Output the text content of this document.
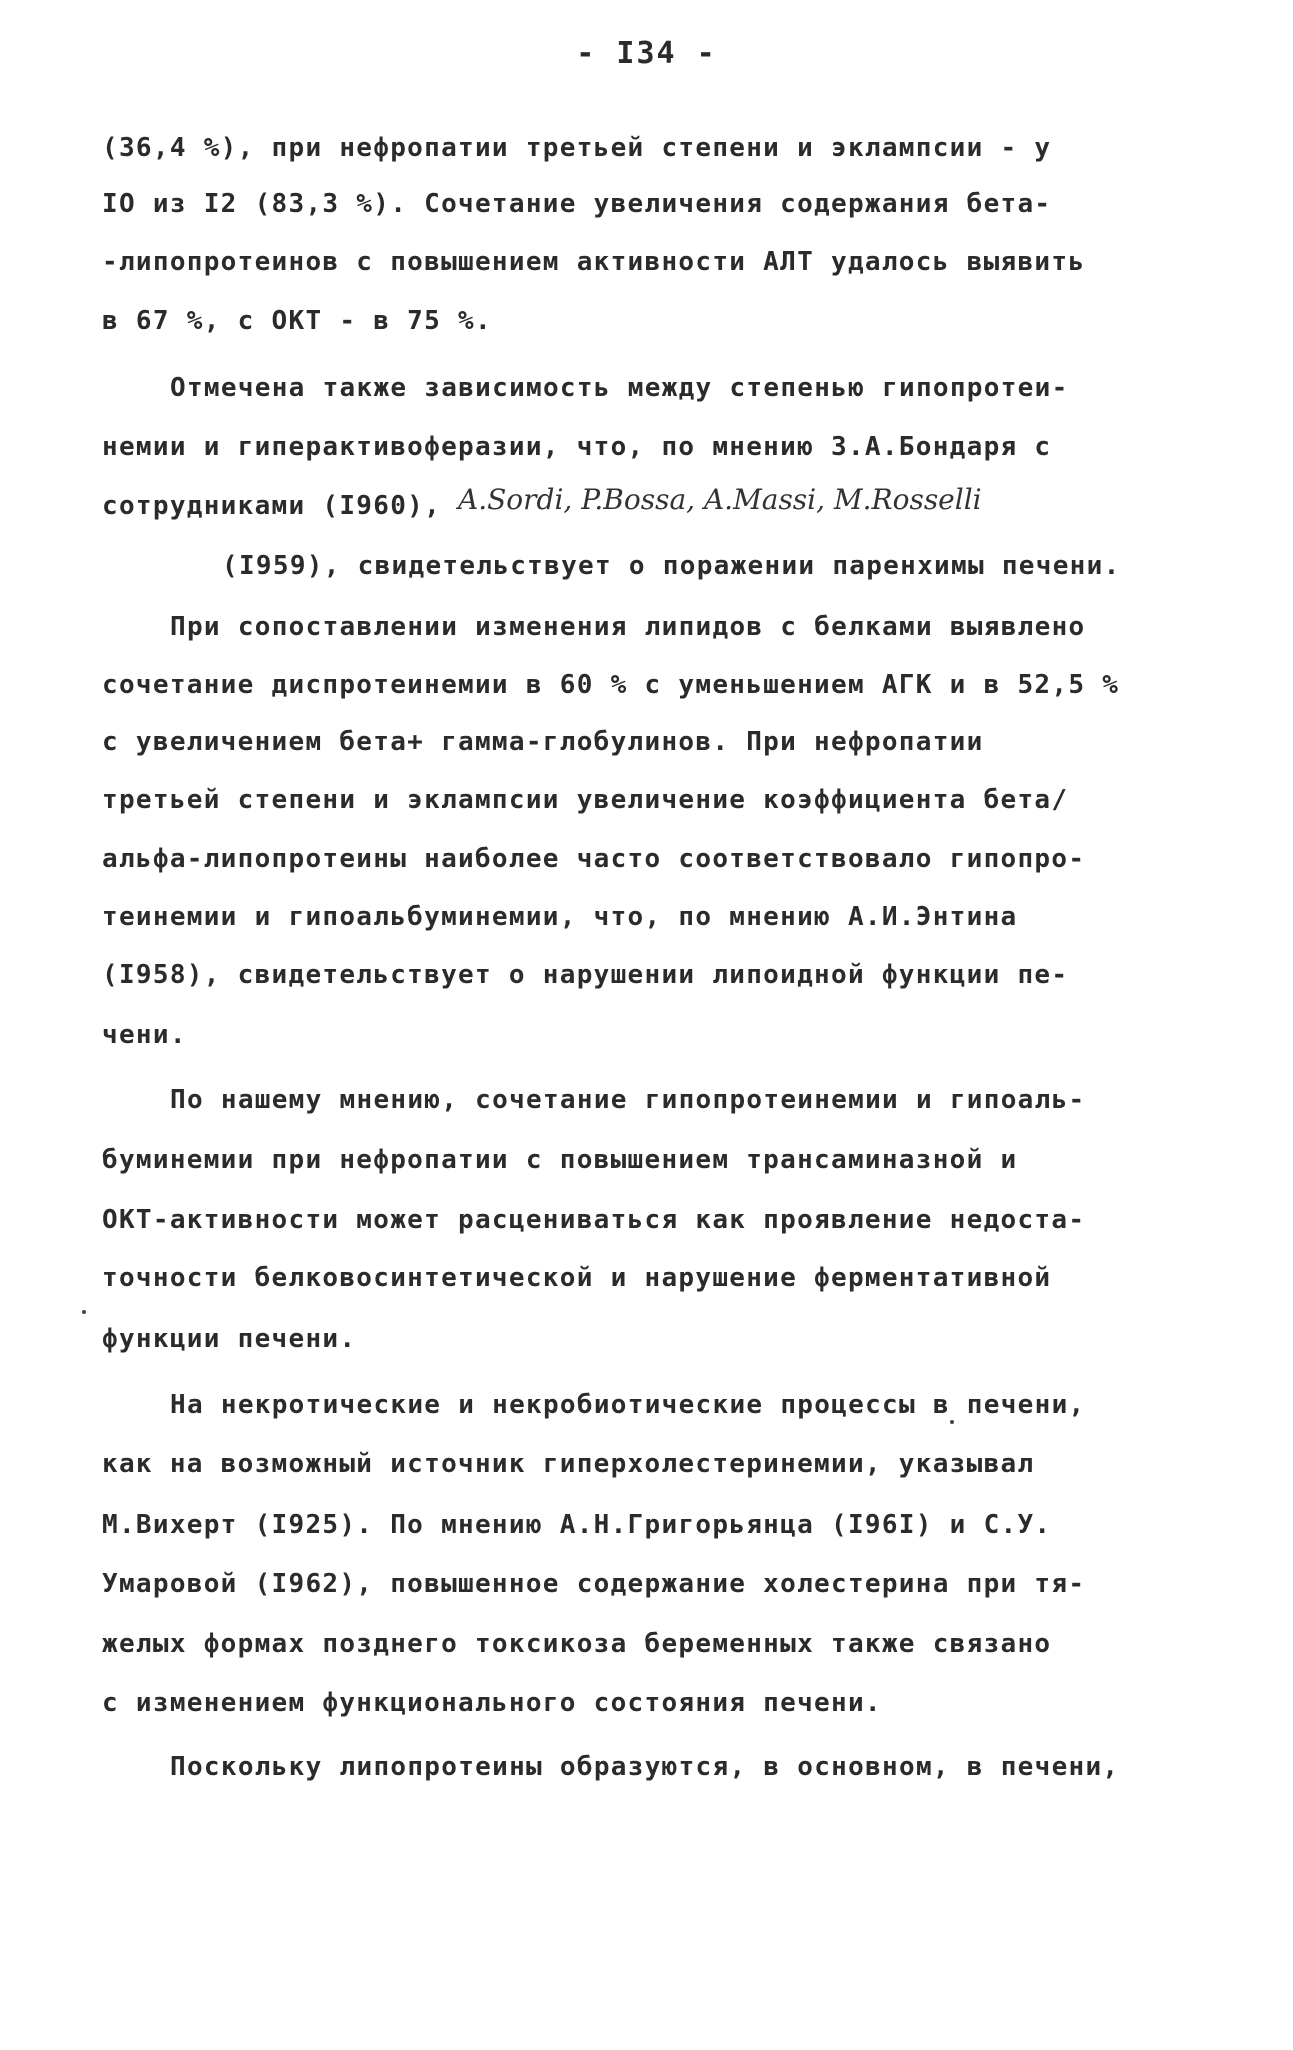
- I34 -
(36,4 %), при нефропатии третьей степени и эклампсии - у
IO из I2 (83,3 %). Сочетание увеличения содержания бета-
-липопротеинов с повышением активности АЛТ удалось выявить
в 67 %, с ОКТ - в 75 %.
Отмечена также зависимость между степенью гипопротеи-
немии и гиперактивоферазии, что, по мнению З.А.Бондаря с
сотрудниками (I960), A.Sordi, P.Bossa, A.Massi, M.Rosselli
(I959), свидетельствует о поражении паренхимы печени.
При сопоставлении изменения липидов с белками выявлено
сочетание диспротеинемии в 60 % с уменьшением АГК и в 52,5 %
с увеличением бета+ гамма-глобулинов. При нефропатии
третьей степени и эклампсии увеличение коэффициента бета/
альфа-липопротеины наиболее часто соответствовало гипопро-
теинемии и гипоальбуминемии, что, по мнению А.И.Энтина
(I958), свидетельствует о нарушении липоидной функции пе-
чени.
По нашему мнению, сочетание гипопротеинемии и гипоаль-
буминемии при нефропатии с повышением трансаминазной и
ОКТ-активности может расцениваться как проявление недоста-
точности белковосинтетической и нарушение ферментативной
функции печени.
На некротические и некробиотические процессы в печени,
как на возможный источник гиперхолестеринемии, указывал
М.Вихерт (I925). По мнению А.Н.Григорьянца (I96I) и С.У.
Умаровой (I962), повышенное содержание холестерина при тя-
желых формах позднего токсикоза беременных также связано
с изменением функционального состояния печени.
Поскольку липопротеины образуются, в основном, в печени,
